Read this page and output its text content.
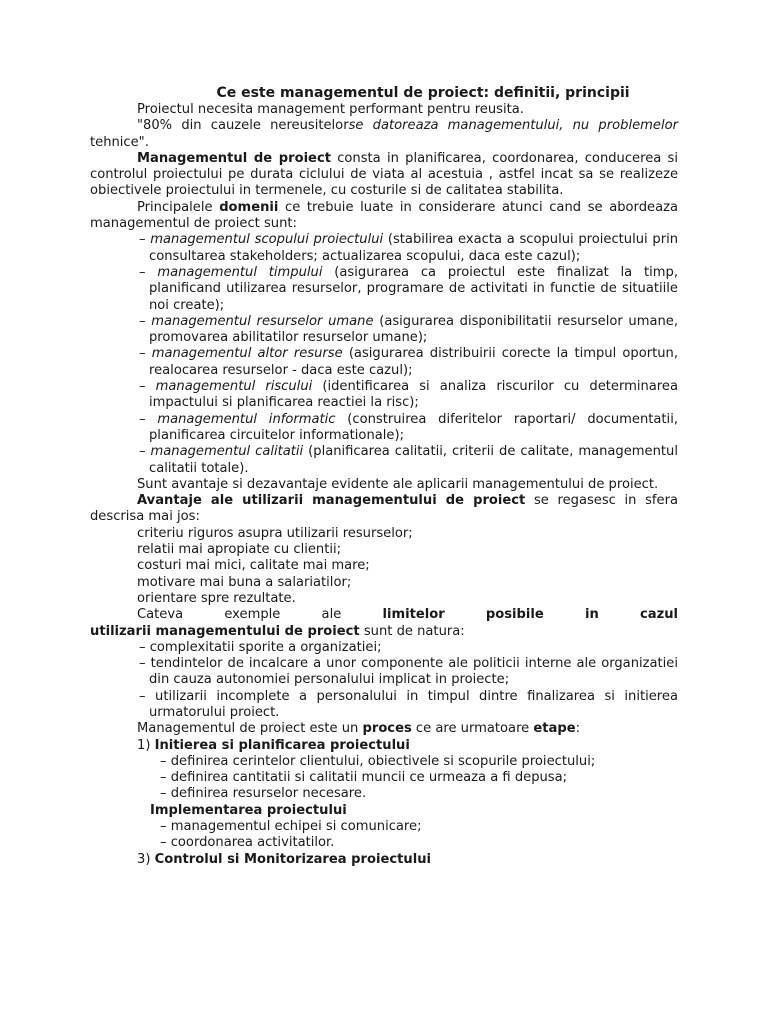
Ce este managementul de proiect: definitii, principii

Proiectul necesita management performant pentru reusita.

"80% din cauzele nereusitelorse datoreaza managementului, nu problemelor tehnice".

Managementul de proiect consta in planificarea, coordonarea, conducerea si controlul proiectului pe durata ciclului de viata al acestuia , astfel incat sa se realizeze obiectivele proiectului in termenele, cu costurile si de calitatea stabilita.

Principalele domenii ce trebuie luate in considerare atunci cand se abordeaza managementul de proiect sunt:

– managementul scopului proiectului (stabilirea exacta a scopului proiectului prin consultarea stakeholders; actualizarea scopului, daca este cazul);

– managementul timpului (asigurarea ca proiectul este finalizat la timp, planificand utilizarea resurselor, programare de activitati in functie de situatiile noi create);

– managementul resurselor umane (asigurarea disponibilitatii resurselor umane, promovarea abilitatilor resurselor umane);

– managementul altor resurse (asigurarea distribuirii corecte la timpul oportun, realocarea resurselor - daca este cazul);

– managementul riscului (identificarea si analiza riscurilor cu determinarea impactului si planificarea reactiei la risc);

– managementul informatic (construirea diferitelor raportari/ documentatii, planificarea circuitelor informationale);

– managementul calitatii (planificarea calitatii, criterii de calitate, managementul calitatii totale).

Sunt avantaje si dezavantaje evidente ale aplicarii managementului de proiect.

Avantaje ale utilizarii managementului de proiect se regasesc in sfera descrisa mai jos:

criteriu riguros asupra utilizarii resurselor;

relatii mai apropiate cu clientii;

costuri mai mici, calitate mai mare;

motivare mai buna a salariatilor;

orientare spre rezultate.

Cateva	exemple	ale limitelor	posibile	in	cazul

utilizarii managementului de proiect sunt de natura:

– complexitatii sporite a organizatiei;

– tendintelor de incalcare a unor componente ale politicii interne ale organizatiei din cauza autonomiei personalului implicat in proiecte;

– utilizarii incomplete a personalului in timpul dintre finalizarea si initierea urmatorului proiect.

Managementul de proiect este un proces ce are urmatoare etape:

1) Initierea si planificarea proiectului

– definirea cerintelor clientului, obiectivele si scopurile proiectului;

– definirea cantitatii si calitatii muncii ce urmeaza a fi depusa;

– definirea resurselor necesare.

Implementarea proiectului

– managementul echipei si comunicare;

– coordonarea activitatilor.

3) Controlul si Monitorizarea proiectului
